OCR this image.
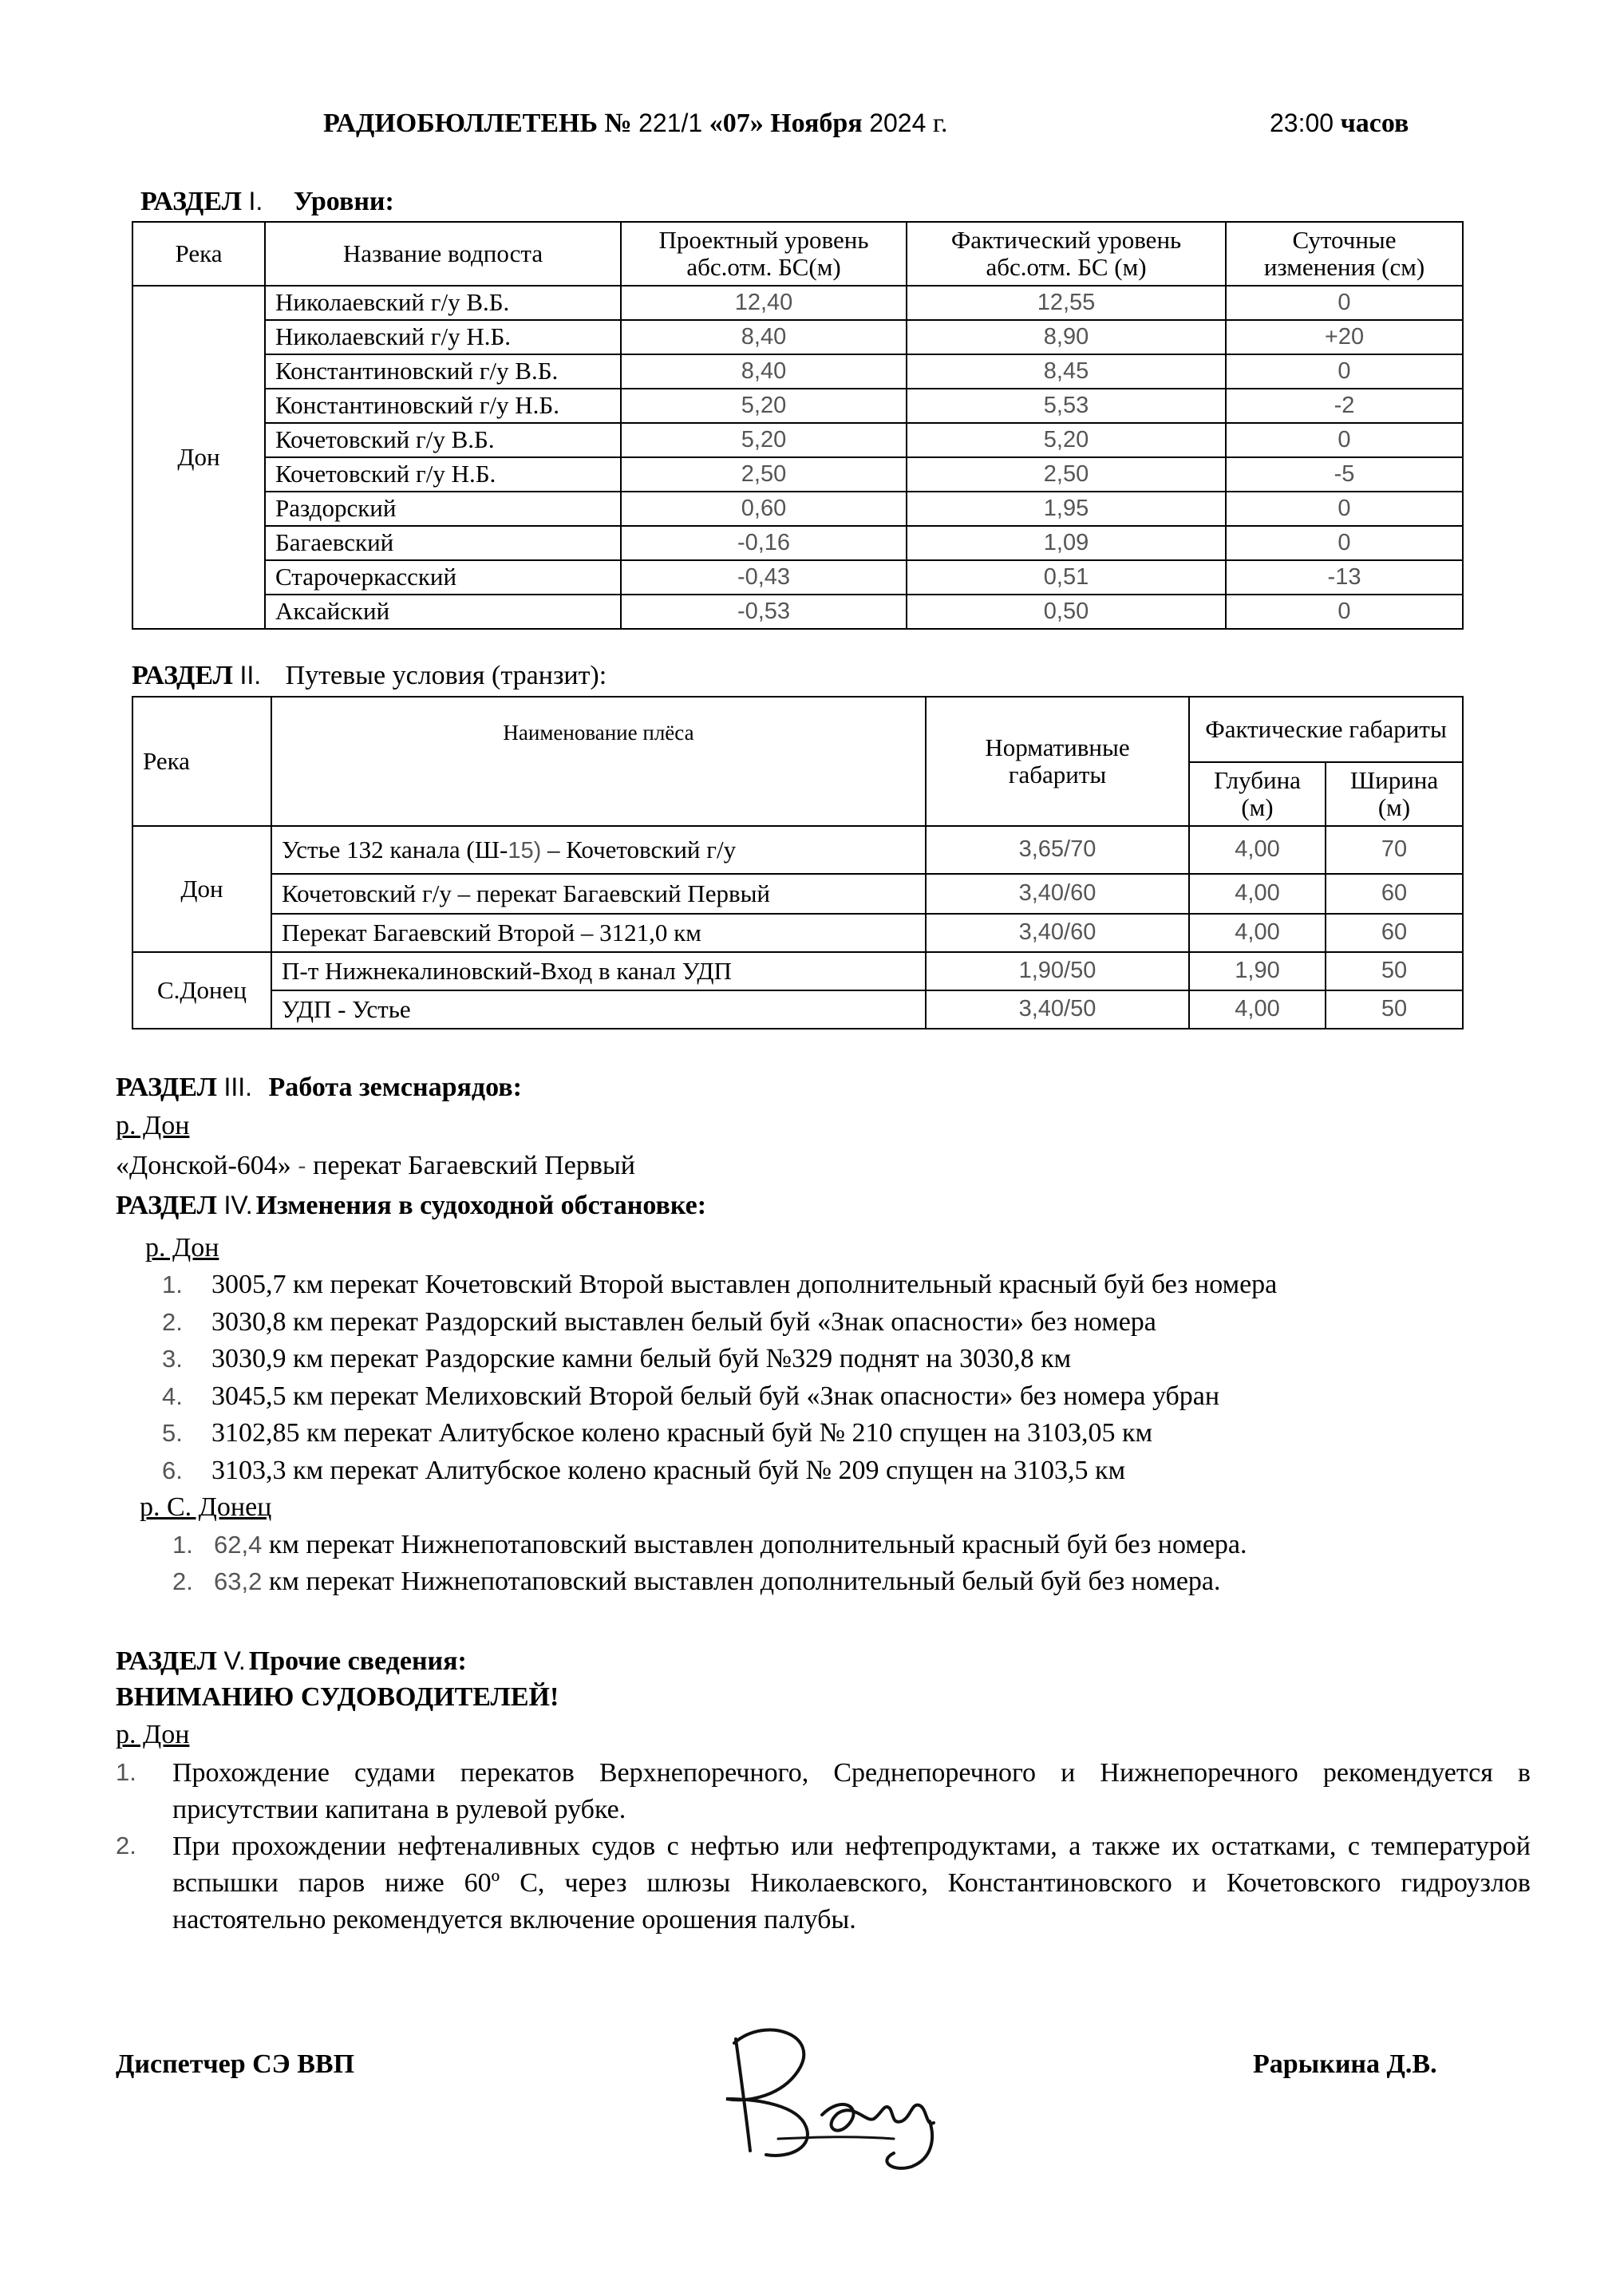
РАДИОБЮЛЛЕТЕНЬ № 221/1 «07» Ноября 2024 г.	23:00 часов
РАЗДЕЛ I. Уровни:
Река	Название водпоста	Проектный уровень абс.отм. БС(м)	Фактический уровень абс.отм. БС (м)	Суточные изменения (см)
Дон	Николаевский г/у В.Б.	12,40	12,55	0
	Николаевский г/у Н.Б.	8,40	8,90	+20
	Константиновский г/у В.Б.	8,40	8,45	0
	Константиновский г/у Н.Б.	5,20	5,53	-2
	Кочетовский г/у В.Б.	5,20	5,20	0
	Кочетовский г/у Н.Б.	2,50	2,50	-5
	Раздорский	0,60	1,95	0
	Багаевский	-0,16	1,09	0
	Старочеркасский	-0,43	0,51	-13
	Аксайский	-0,53	0,50	0
РАЗДЕЛ II. Путевые условия (транзит):
Река	Наименование плёса	Нормативные габариты	Фактические габариты	
			Глубина (м)	Ширина (м)
Дон	Устье 132 канала (Ш-15) – Кочетовский г/у	3,65/70	4,00	70
	Кочетовский г/у – перекат Багаевский Первый	3,40/60	4,00	60
	Перекат Багаевский Второй – 3121,0 км	3,40/60	4,00	60
С.Донец	П-т Нижнекалиновский-Вход в канал УДП	1,90/50	1,90	50
	УДП - Устье	3,40/50	4,00	50
РАЗДЕЛ III. Работа земснарядов:
р. Дон
«Донской-604» - перекат Багаевский Первый
РАЗДЕЛ IV. Изменения в судоходной обстановке:
р. Дон
1. 3005,7 км перекат Кочетовский Второй выставлен дополнительный красный буй без номера
2. 3030,8 км перекат Раздорский выставлен белый буй «Знак опасности» без номера
3. 3030,9 км перекат Раздорские камни белый буй №329 поднят на 3030,8 км
4. 3045,5 км перекат Мелиховский Второй белый буй «Знак опасности» без номера убран
5. 3102,85 км перекат Алитубское колено красный буй № 210 спущен на 3103,05 км
6. 3103,3 км перекат Алитубское колено красный буй № 209 спущен на 3103,5 км
р. С. Донец
1. 62,4 км перекат Нижнепотаповский выставлен дополнительный красный буй без номера.
2. 63,2 км перекат Нижнепотаповский выставлен дополнительный белый буй без номера.
РАЗДЕЛ V. Прочие сведения:
ВНИМАНИЮ СУДОВОДИТЕЛЕЙ!
р. Дон
1. Прохождение судами перекатов Верхнепоречного, Среднепоречного и Нижнепоречного рекомендуется в присутствии капитана в рулевой рубке.
2. При прохождении нефтеналивных судов с нефтью или нефтепродуктами, а также их остатками, с температурой вспышки паров ниже 60º С, через шлюзы Николаевского, Константиновского и Кочетовского гидроузлов настоятельно рекомендуется включение орошения палубы.
Диспетчер СЭ ВВП	Рарыкина Д.В.
